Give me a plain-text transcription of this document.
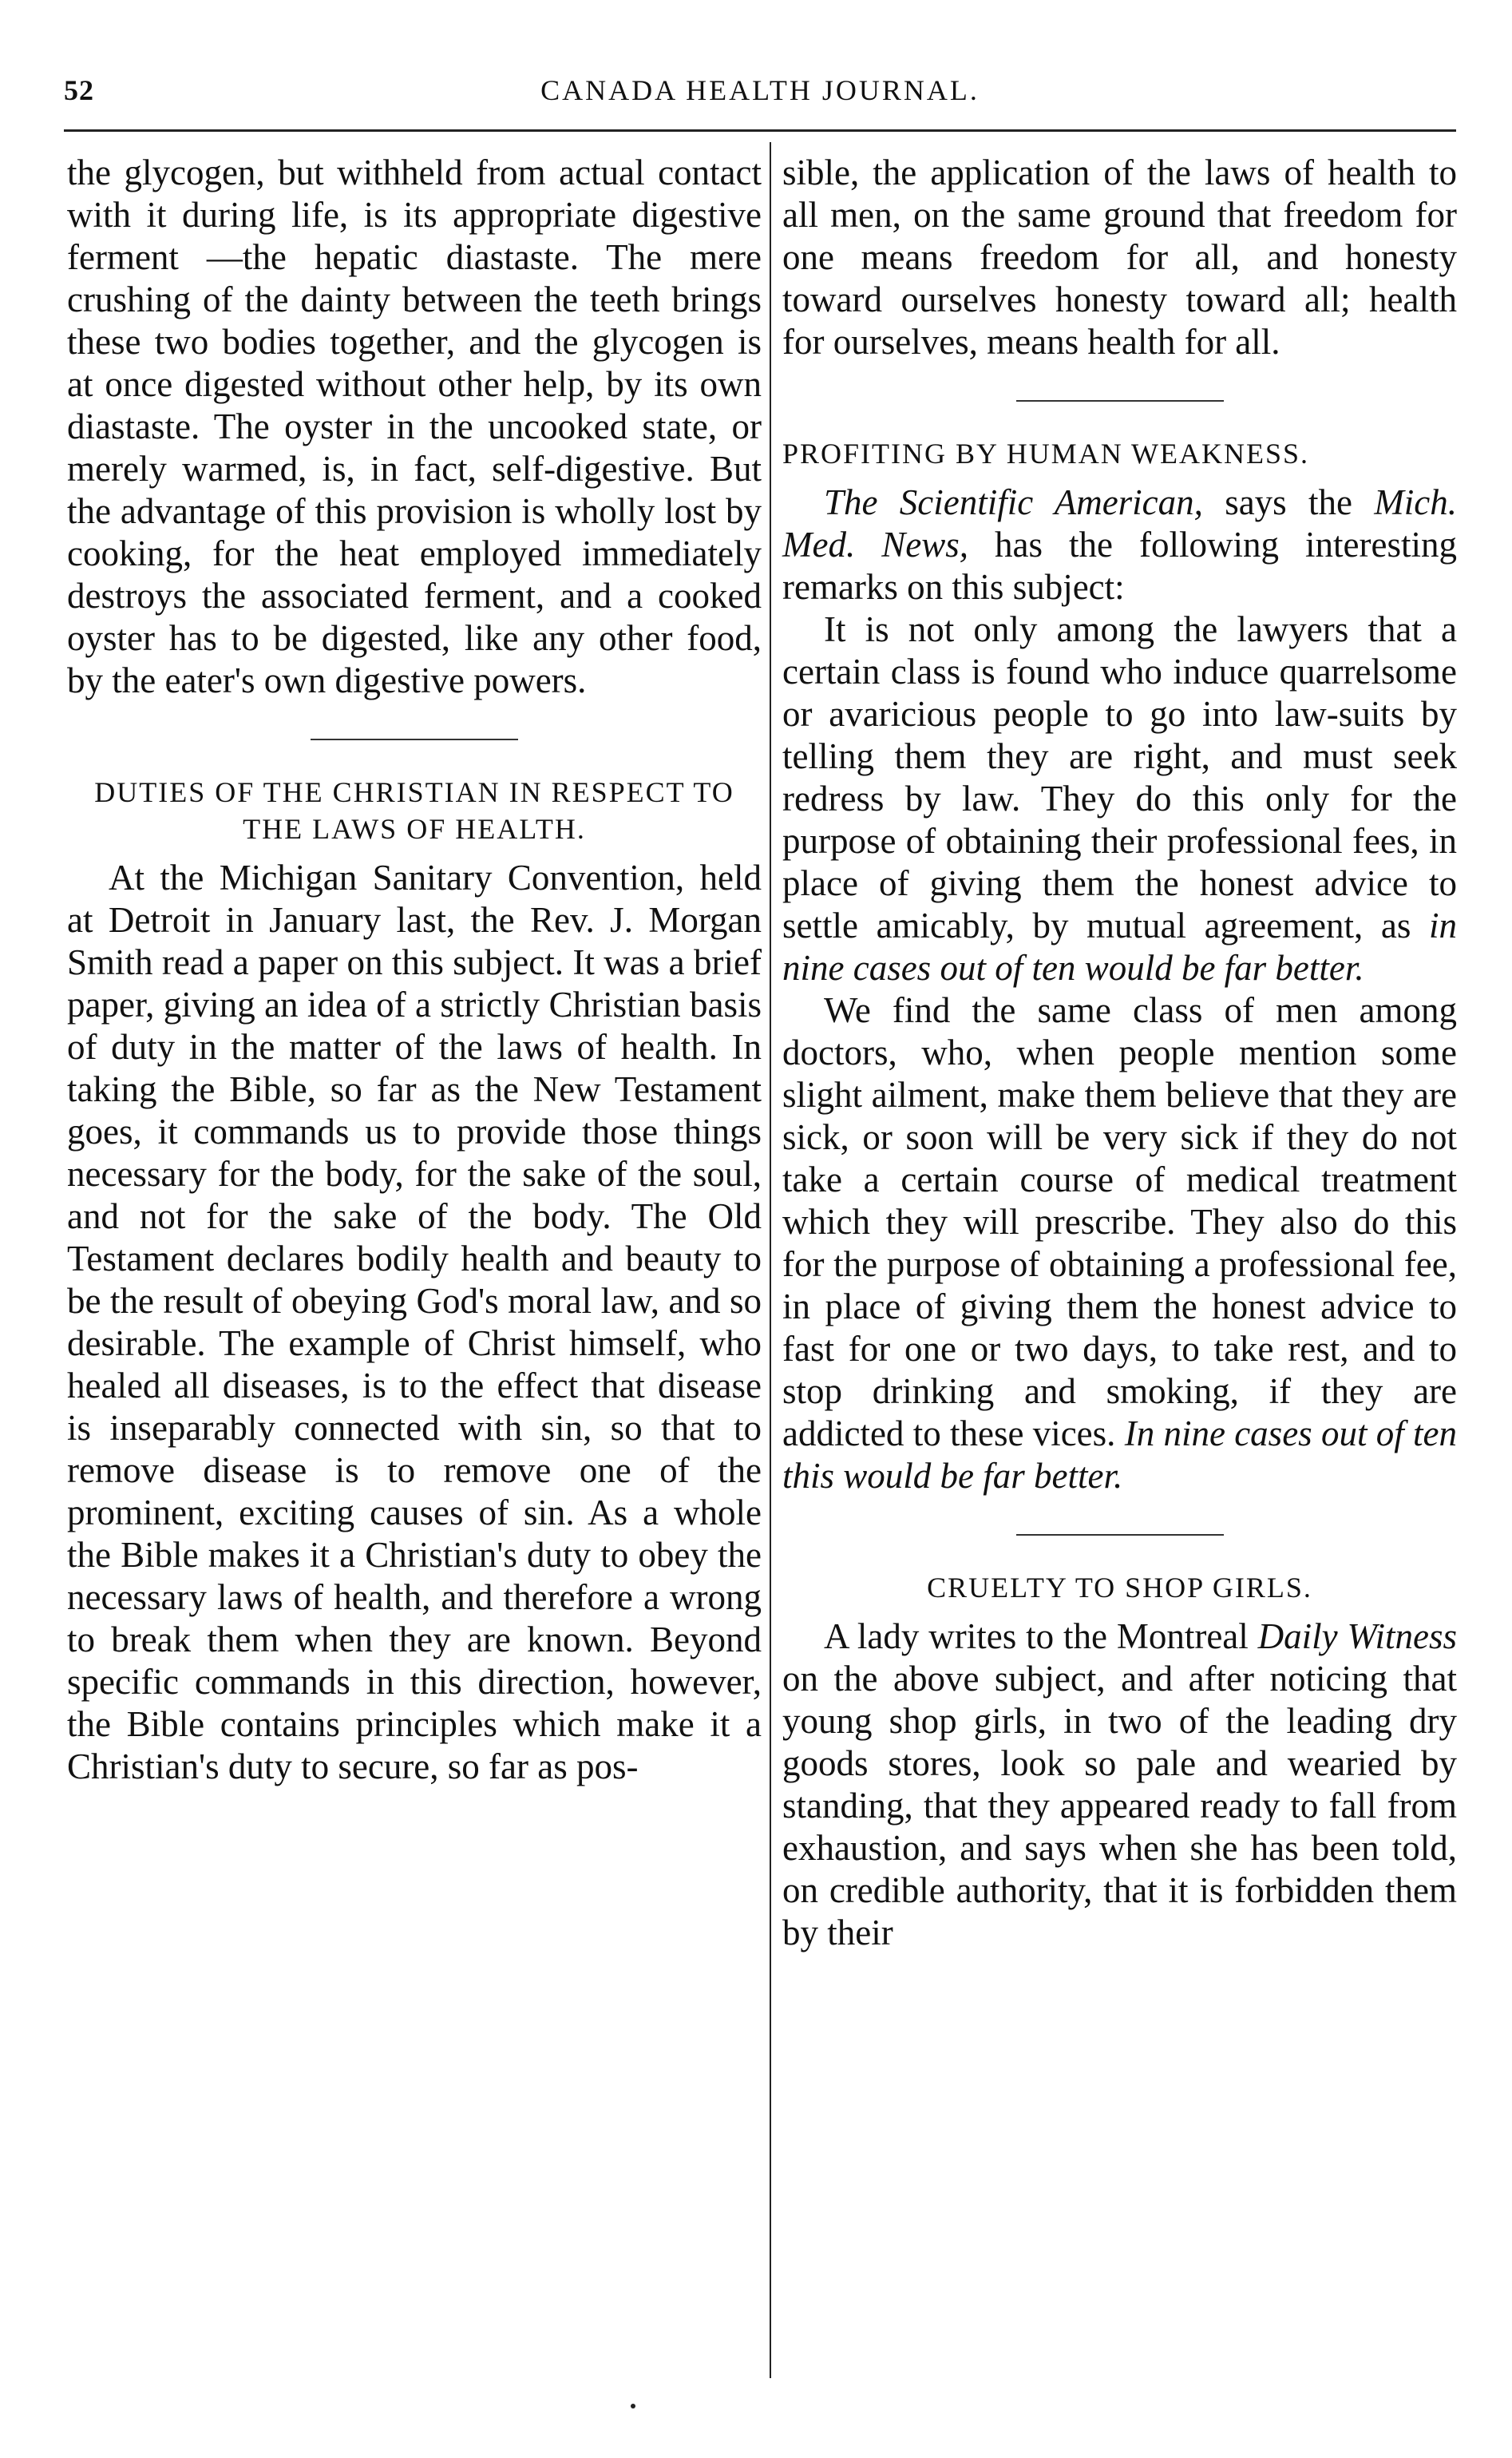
52	CANADA HEALTH JOURNAL.

the glycogen, but withheld from actual contact with it during life, is its appropriate digestive ferment —the hepatic diastaste. The mere crushing of the dainty between the teeth brings these two bodies together, and the glycogen is at once digested without other help, by its own diastaste. The oyster in the uncooked state, or merely warmed, is, in fact, self-digestive. But the advantage of this provision is wholly lost by cooking, for the heat employed immediately destroys the associated ferment, and a cooked oyster has to be digested, like any other food, by the eater's own digestive powers.

DUTIES OF THE CHRISTIAN IN RESPECT TO THE LAWS OF HEALTH.

At the Michigan Sanitary Convention, held at Detroit in January last, the Rev. J. Morgan Smith read a paper on this subject. It was a brief paper, giving an idea of a strictly Christian basis of duty in the matter of the laws of health. In taking the Bible, so far as the New Testament goes, it commands us to provide those things necessary for the body, for the sake of the soul, and not for the sake of the body. The Old Testament declares bodily health and beauty to be the result of obeying God's moral law, and so desirable. The example of Christ himself, who healed all diseases, is to the effect that disease is inseparably connected with sin, so that to remove disease is to remove one of the prominent, exciting causes of sin. As a whole the Bible makes it a Christian's duty to obey the necessary laws of health, and therefore a wrong to break them when they are known. Beyond specific commands in this direction, however, the Bible contains principles which make it a Christian's duty to secure, so far as pos-

sible, the application of the laws of health to all men, on the same ground that freedom for one means freedom for all, and honesty toward ourselves honesty toward all; health for ourselves, means health for all.

PROFITING BY HUMAN WEAKNESS.

The Scientific American, says the Mich. Med. News, has the following interesting remarks on this subject:

It is not only among the lawyers that a certain class is found who induce quarrelsome or avaricious people to go into law-suits by telling them they are right, and must seek redress by law. They do this only for the purpose of obtaining their professional fees, in place of giving them the honest advice to settle amicably, by mutual agreement, as in nine cases out of ten would be far better.

We find the same class of men among doctors, who, when people mention some slight ailment, make them believe that they are sick, or soon will be very sick if they do not take a certain course of medical treatment which they will prescribe. They also do this for the purpose of obtaining a professional fee, in place of giving them the honest advice to fast for one or two days, to take rest, and to stop drinking and smoking, if they are addicted to these vices. In nine cases out of ten this would be far better.

CRUELTY TO SHOP GIRLS.

A lady writes to the Montreal Daily Witness on the above subject, and after noticing that young shop girls, in two of the leading dry goods stores, look so pale and wearied by standing, that they appeared ready to fall from exhaustion, and says when she has been told, on credible authority, that it is forbidden them by their
